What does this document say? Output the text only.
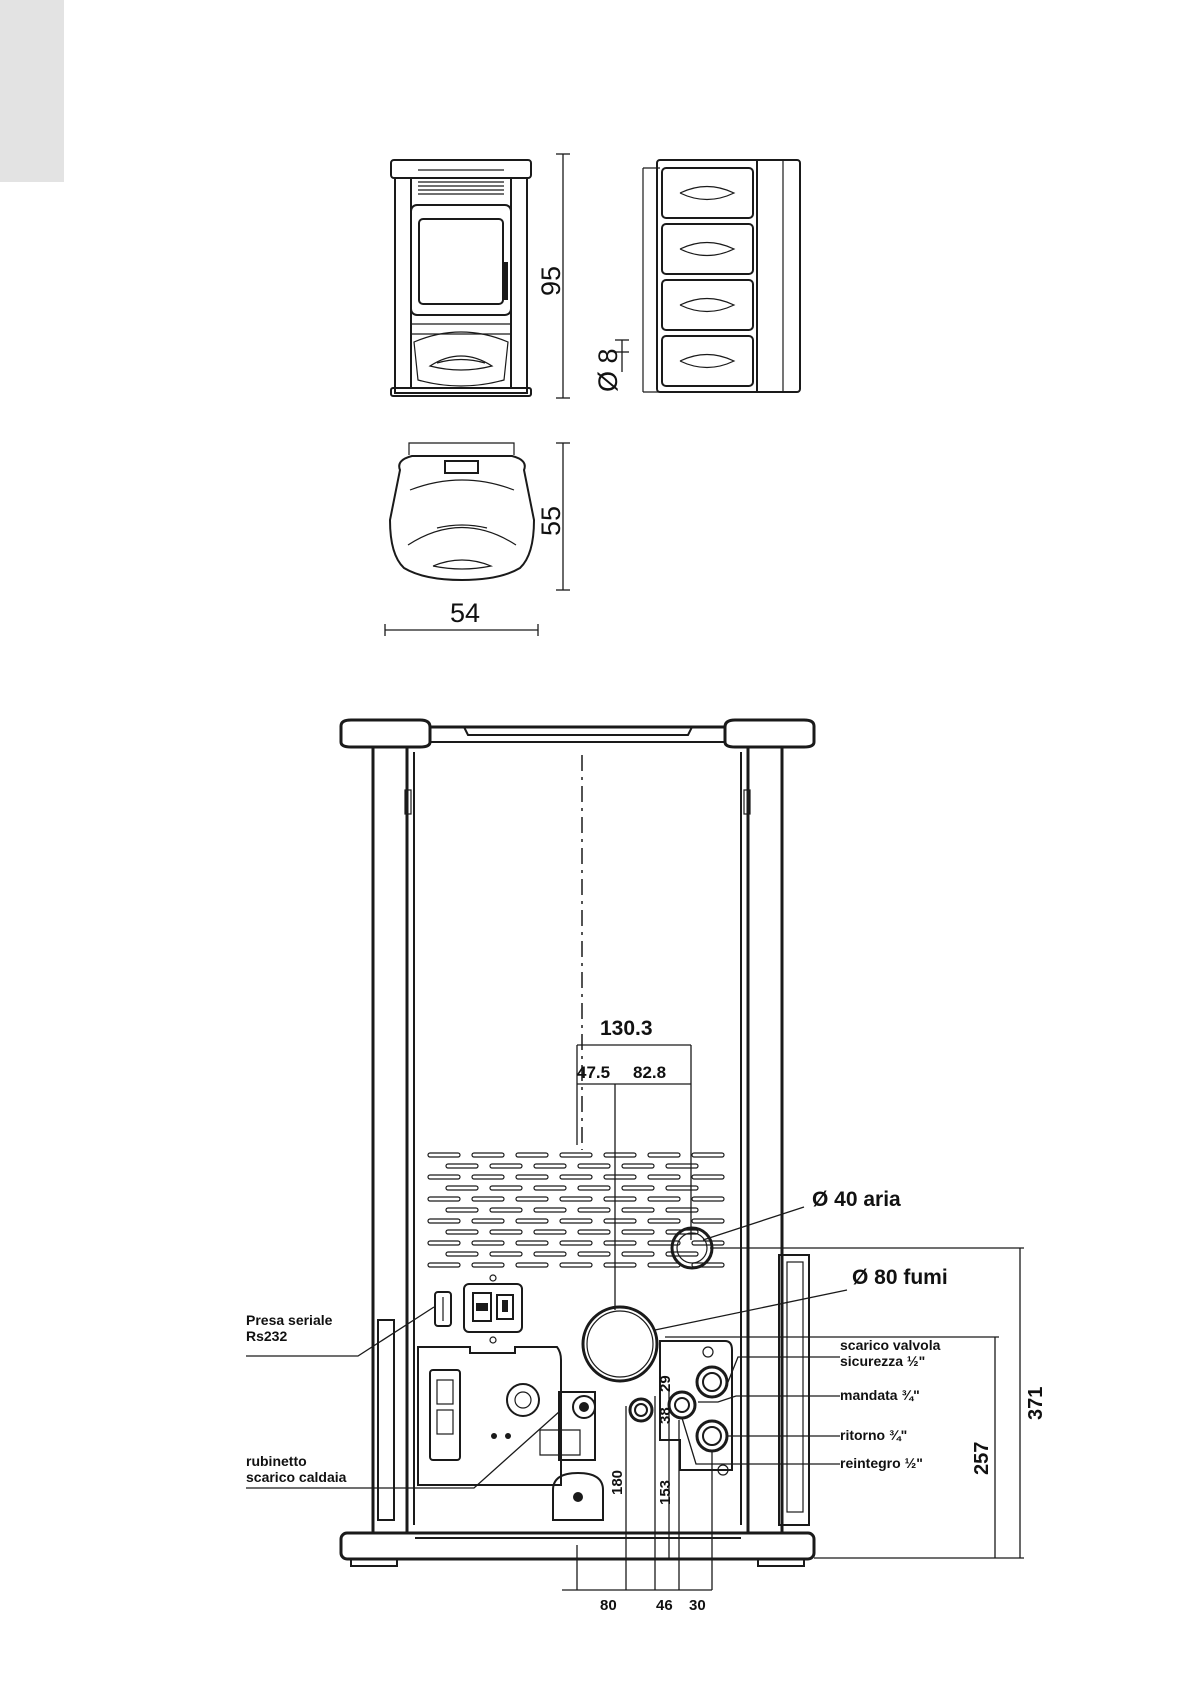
95
Ø 8
55
54
130.3
47.5 82.8
371
257
180 153
38
29
80	46 30
Ø 40 aria
Ø 80 fumi
Presa seriale
Rs232
rubinetto
scarico caldaia
scarico valvola
sicurezza ½"
mandata ¾"
ritorno ¾"
reintegro ½"
